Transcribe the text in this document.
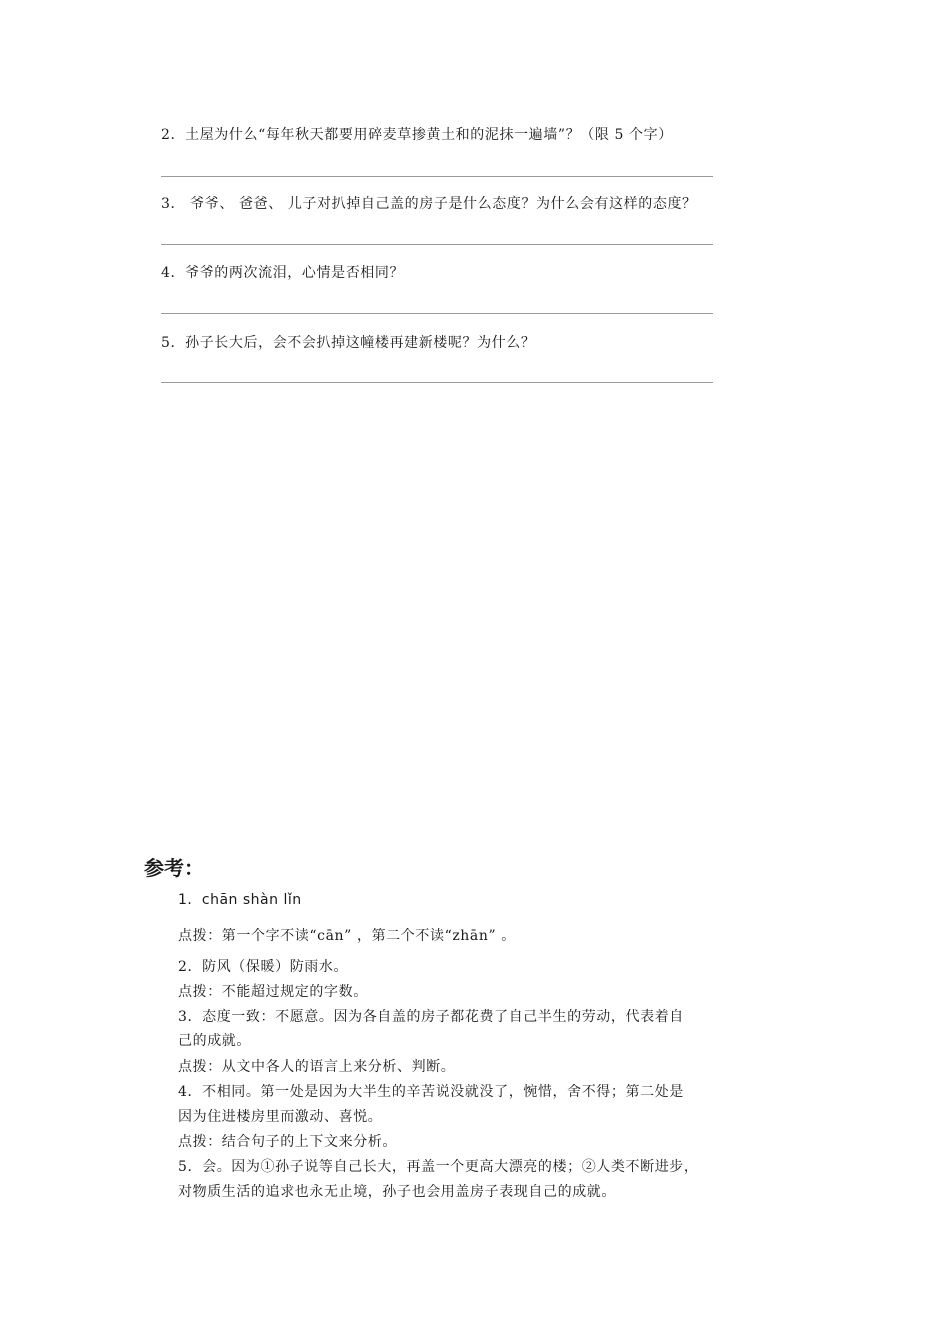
2．土屋为什么“每年秋天都要用碎麦草掺黄土和的泥抹一遍墙”？（限 5 个字）
3． 爷爷、 爸爸、 儿子对扒掉自己盖的房子是什么态度？为什么会有这样的态度？
4．爷爷的两次流泪，心情是否相同？
5．孙子长大后，会不会扒掉这幢楼再建新楼呢？为什么？
参考：
1．chān shàn lǐn
点拨：第一个字不读“cān” ，第二个不读“zhān” 。
2．防风（保暖）防雨水。
点拨：不能超过规定的字数。
3．态度一致：不愿意。因为各自盖的房子都花费了自己半生的劳动，代表着自
己的成就。
点拨：从文中各人的语言上来分析、判断。
4．不相同。第一处是因为大半生的辛苦说没就没了，惋惜，舍不得；第二处是
因为住进楼房里而激动、喜悦。
点拨：结合句子的上下文来分析。
5．会。因为①孙子说等自己长大，再盖一个更高大漂亮的楼；②人类不断进步，
对物质生活的追求也永无止境，孙子也会用盖房子表现自己的成就。
